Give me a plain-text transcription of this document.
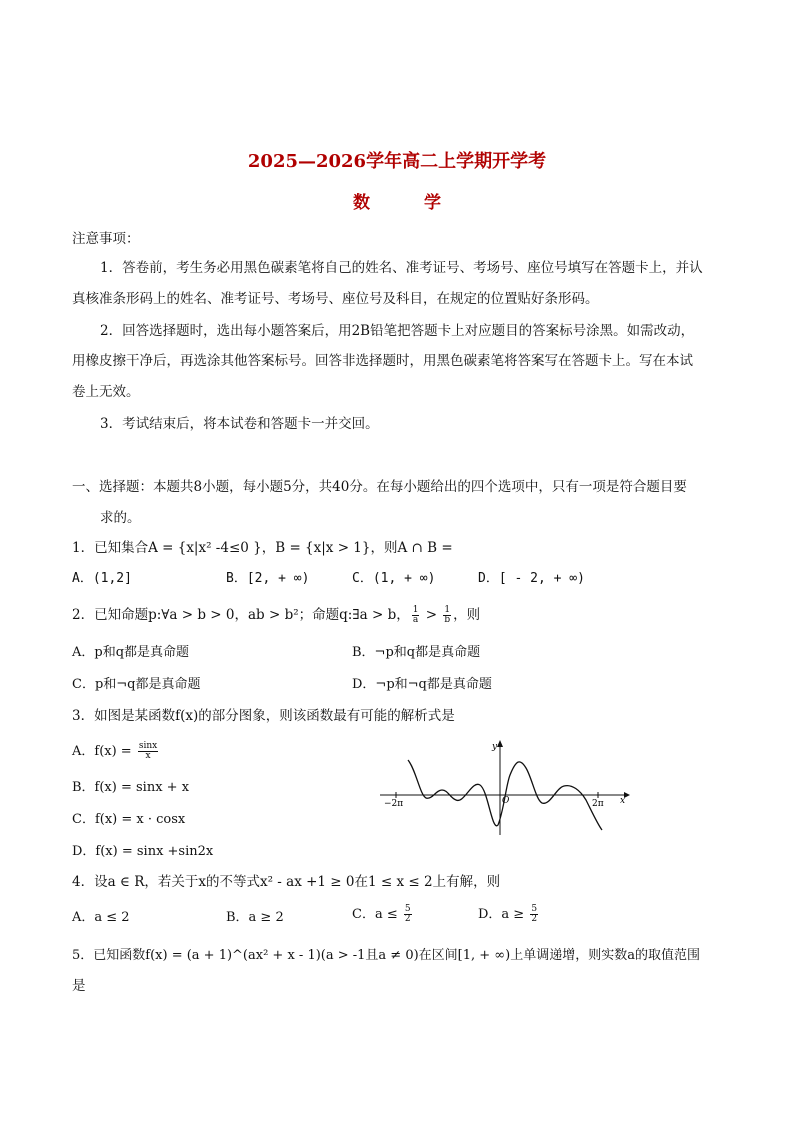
2025—2026学年高二上学期开学考
数 学
注意事项：
1．答卷前，考生务必用黑色碳素笔将自己的姓名、准考证号、考场号、座位号填写在答题卡上，并认
真核准条形码上的姓名、准考证号、考场号、座位号及科目，在规定的位置贴好条形码。
2．回答选择题时，选出每小题答案后，用2B铅笔把答题卡上对应题目的答案标号涂黑。如需改动，
用橡皮擦干净后，再选涂其他答案标号。回答非选择题时，用黑色碳素笔将答案写在答题卡上。写在本试
卷上无效。
3．考试结束后，将本试卷和答题卡一并交回。
一、选择题：本题共8小题，每小题5分，共40分。在每小题给出的四个选项中，只有一项是符合题目要
求的。
1．已知集合A = {x|x² -4≤0 }，B = {x|x > 1}，则A ∩ B =
A．(1,2]	B．[2, + ∞)	C．(1, + ∞)	D．[ - 2, + ∞)
2．已知命题p:∀a > b > 0，ab > b²；命题q:∃a > b， $\frac{1}{a} > \frac{1}{b}$ ，则
A．p和q都是真命题	B．¬p和q都是真命题
C．p和¬q都是真命题	D．¬p和¬q都是真命题
3．如图是某函数f(x)的部分图象，则该函数最有可能的解析式是
A．$f(x) = \frac{\sin x}{x}$
B．f(x) = sinx + x
C．f(x) = x · cosx
D．f(x) = sinx +sin2x
y
x
O
−2π	2π
4．设a ∈ R，若关于x的不等式x² - ax +1 ≥ 0在1 ≤ x ≤ 2上有解，则
A．a ≤ 2	B．a ≥ 2	C．$a \le \frac{5}{2}$	D．$a \ge \frac{5}{2}$
5．已知函数f(x) = (a + 1)^(ax² + x - 1)(a > -1且a ≠ 0)在区间[1, + ∞)上单调递增，则实数a的取值范围
是
